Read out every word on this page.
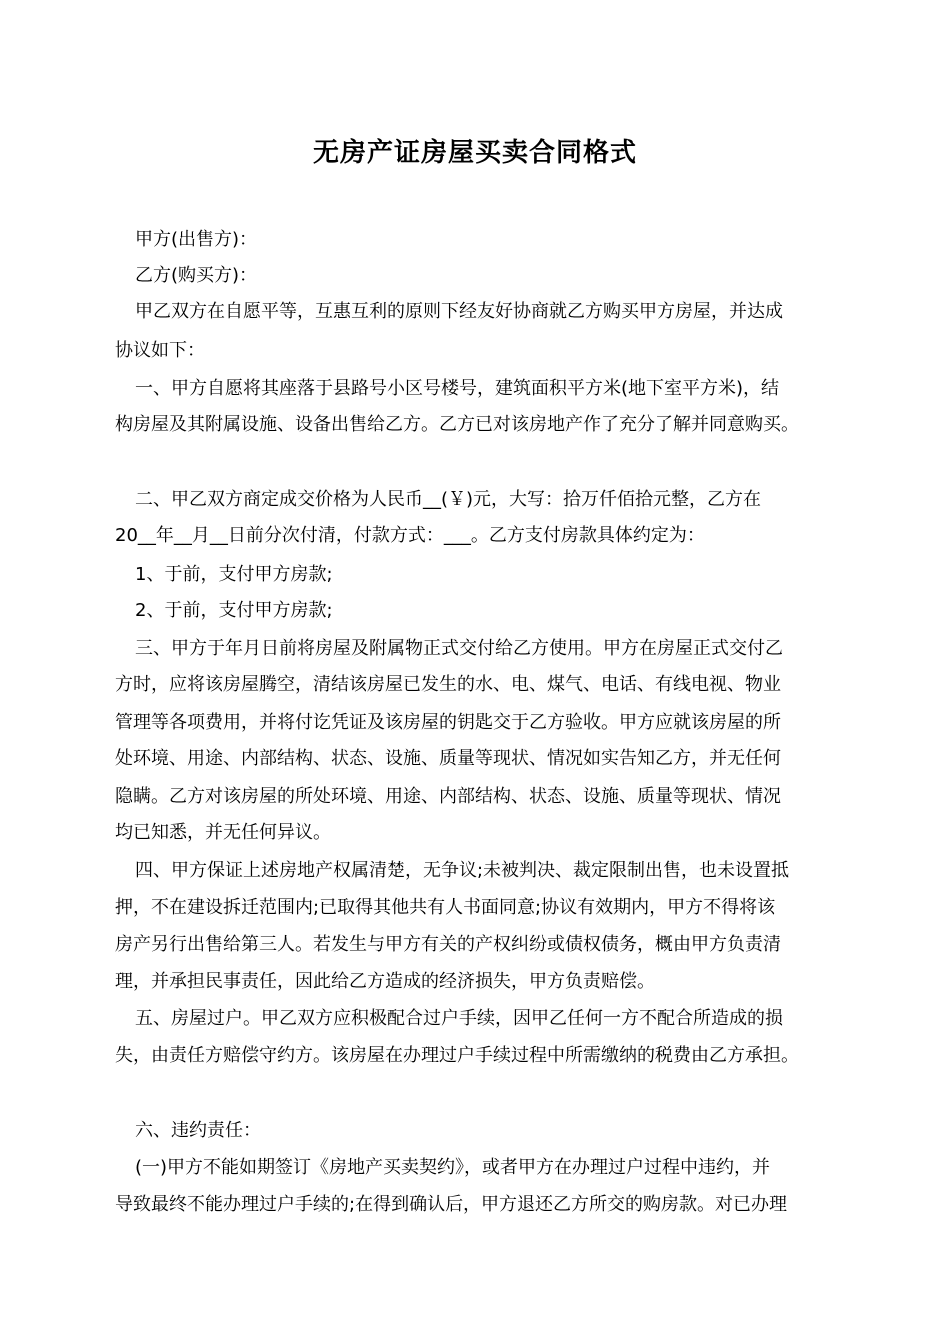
无房产证房屋买卖合同格式
甲方(出售方)：
乙方(购买方)：
甲乙双方在自愿平等，互惠互利的原则下经友好协商就乙方购买甲方房屋，并达成
协议如下：
一、甲方自愿将其座落于县路号小区号楼号，建筑面积平方米(地下室平方米)，结
构房屋及其附属设施、设备出售给乙方。乙方已对该房地产作了充分了解并同意购买。
二、甲乙双方商定成交价格为人民币__(￥)元，大写：拾万仟佰拾元整，乙方在
20__年__月__日前分次付清，付款方式：___。乙方支付房款具体约定为：
1、于前，支付甲方房款;
2、于前，支付甲方房款;
三、甲方于年月日前将房屋及附属物正式交付给乙方使用。甲方在房屋正式交付乙
方时，应将该房屋腾空，清结该房屋已发生的水、电、煤气、电话、有线电视、物业
管理等各项费用，并将付讫凭证及该房屋的钥匙交于乙方验收。甲方应就该房屋的所
处环境、用途、内部结构、状态、设施、质量等现状、情况如实告知乙方，并无任何
隐瞒。乙方对该房屋的所处环境、用途、内部结构、状态、设施、质量等现状、情况
均已知悉，并无任何异议。
四、甲方保证上述房地产权属清楚，无争议;未被判决、裁定限制出售，也未设置抵
押，不在建设拆迁范围内;已取得其他共有人书面同意;协议有效期内，甲方不得将该
房产另行出售给第三人。若发生与甲方有关的产权纠纷或债权债务，概由甲方负责清
理，并承担民事责任，因此给乙方造成的经济损失，甲方负责赔偿。
五、房屋过户。甲乙双方应积极配合过户手续，因甲乙任何一方不配合所造成的损
失，由责任方赔偿守约方。该房屋在办理过户手续过程中所需缴纳的税费由乙方承担。
六、违约责任：
(一)甲方不能如期签订《房地产买卖契约》，或者甲方在办理过户过程中违约，并
导致最终不能办理过户手续的;在得到确认后，甲方退还乙方所交的购房款。对已办理
